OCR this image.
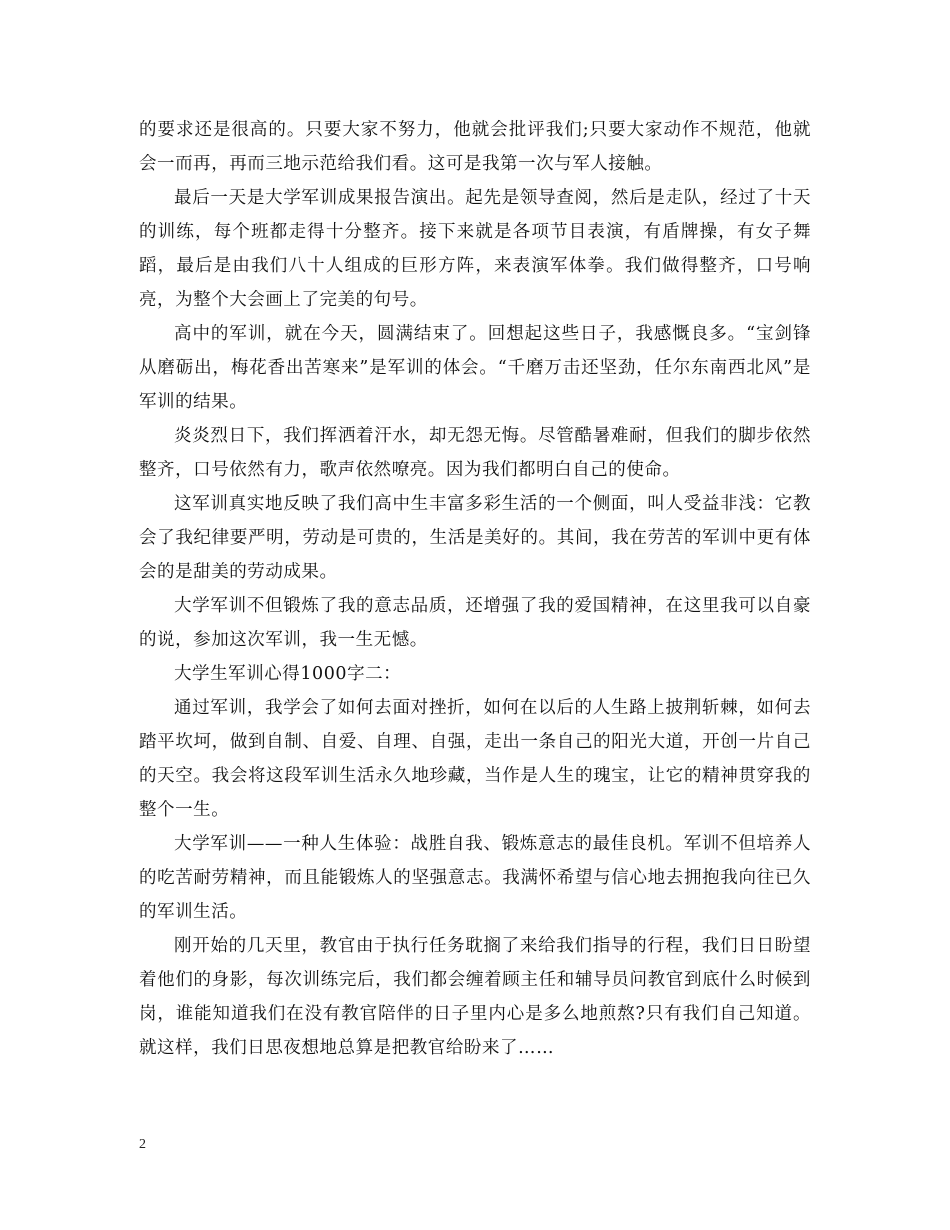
的要求还是很高的。只要大家不努力，他就会批评我们;只要大家动作不规范，他就会一而再，再而三地示范给我们看。这可是我第一次与军人接触。

最后一天是大学军训成果报告演出。起先是领导查阅，然后是走队，经过了十天的训练，每个班都走得十分整齐。接下来就是各项节目表演，有盾牌操，有女子舞蹈，最后是由我们八十人组成的巨形方阵，来表演军体拳。我们做得整齐，口号响亮，为整个大会画上了完美的句号。

高中的军训，就在今天，圆满结束了。回想起这些日子，我感慨良多。“宝剑锋从磨砺出，梅花香出苦寒来”是军训的体会。“千磨万击还坚劲，任尔东南西北风”是军训的结果。

炎炎烈日下，我们挥洒着汗水，却无怨无悔。尽管酷暑难耐，但我们的脚步依然整齐，口号依然有力，歌声依然嘹亮。因为我们都明白自己的使命。

这军训真实地反映了我们高中生丰富多彩生活的一个侧面，叫人受益非浅：它教会了我纪律要严明，劳动是可贵的，生活是美好的。其间，我在劳苦的军训中更有体会的是甜美的劳动成果。

大学军训不但锻炼了我的意志品质，还增强了我的爱国精神，在这里我可以自豪的说，参加这次军训，我一生无憾。

大学生军训心得1000字二：

通过军训，我学会了如何去面对挫折，如何在以后的人生路上披荆斩棘，如何去踏平坎坷，做到自制、自爱、自理、自强，走出一条自己的阳光大道，开创一片自己的天空。我会将这段军训生活永久地珍藏，当作是人生的瑰宝，让它的精神贯穿我的整个一生。

大学军训——一种人生体验：战胜自我、锻炼意志的最佳良机。军训不但培养人的吃苦耐劳精神，而且能锻炼人的坚强意志。我满怀希望与信心地去拥抱我向往已久的军训生活。

刚开始的几天里，教官由于执行任务耽搁了来给我们指导的行程，我们日日盼望着他们的身影，每次训练完后，我们都会缠着顾主任和辅导员问教官到底什么时候到岗，谁能知道我们在没有教官陪伴的日子里内心是多么地煎熬?只有我们自己知道。就这样，我们日思夜想地总算是把教官给盼来了……

2
